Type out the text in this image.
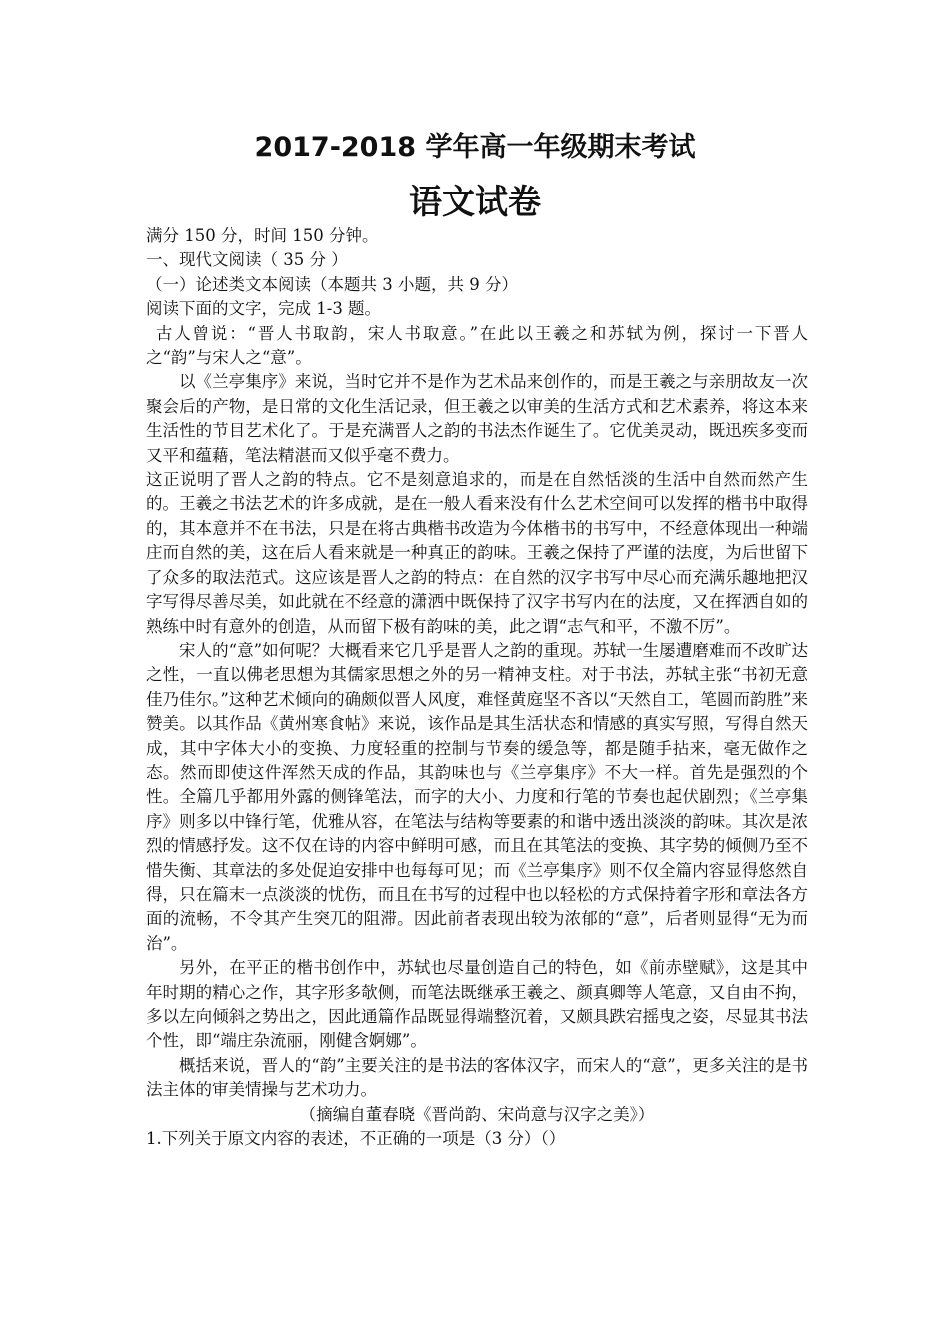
2017-2018 学年高一年级期末考试
语文试卷

满分 150 分，时间 150 分钟。

一、现代文阅读（ 35 分 ）

（一）论述类文本阅读（本题共 3 小题，共 9 分）

阅读下面的文字，完成 1-3 题。

古人曾说：“晋人书取韵，宋人书取意。”在此以王羲之和苏轼为例，探讨一下晋人之“韵”与宋人之“意”。

以《兰亭集序》来说，当时它并不是作为艺术品来创作的，而是王羲之与亲朋故友一次聚会后的产物，是日常的文化生活记录，但王羲之以审美的生活方式和艺术素养，将这本来生活性的节目艺术化了。于是充满晋人之韵的书法杰作诞生了。它优美灵动，既迅疾多变而又平和蕴藉，笔法精湛而又似乎毫不费力。

这正说明了晋人之韵的特点。它不是刻意追求的，而是在自然恬淡的生活中自然而然产生的。王羲之书法艺术的许多成就，是在一般人看来没有什么艺术空间可以发挥的楷书中取得的，其本意并不在书法，只是在将古典楷书改造为今体楷书的书写中，不经意体现出一种端庄而自然的美，这在后人看来就是一种真正的韵味。王羲之保持了严谨的法度，为后世留下了众多的取法范式。这应该是晋人之韵的特点：在自然的汉字书写中尽心而充满乐趣地把汉字写得尽善尽美，如此就在不经意的潇洒中既保持了汉字书写内在的法度，又在挥洒自如的熟练中时有意外的创造，从而留下极有韵味的美，此之谓“志气和平，不激不厉”。

宋人的“意”如何呢？大概看来它几乎是晋人之韵的重现。苏轼一生屡遭磨难而不改旷达之性，一直以佛老思想为其儒家思想之外的另一精神支柱。对于书法，苏轼主张“书初无意佳乃佳尔。”这种艺术倾向的确颇似晋人风度，难怪黄庭坚不吝以“天然自工，笔圆而韵胜”来赞美。以其作品《黄州寒食帖》来说，该作品是其生活状态和情感的真实写照，写得自然天成，其中字体大小的变换、力度轻重的控制与节奏的缓急等，都是随手拈来，毫无做作之态。然而即使这件浑然天成的作品，其韵味也与《兰亭集序》不大一样。首先是强烈的个性。全篇几乎都用外露的侧锋笔法，而字的大小、力度和行笔的节奏也起伏剧烈；《兰亭集序》则多以中锋行笔，优雅从容，在笔法与结构等要素的和谐中透出淡淡的韵味。其次是浓烈的情感抒发。这不仅在诗的内容中鲜明可感，而且在其笔法的变换、其字势的倾侧乃至不惜失衡、其章法的多处促迫安排中也每每可见；而《兰亭集序》则不仅全篇内容显得悠然自得，只在篇末一点淡淡的忧伤，而且在书写的过程中也以轻松的方式保持着字形和章法各方面的流畅，不令其产生突兀的阻滞。因此前者表现出较为浓郁的“意”，后者则显得“无为而治”。

另外，在平正的楷书创作中，苏轼也尽量创造自己的特色，如《前赤壁赋》，这是其中年时期的精心之作，其字形多欹侧，而笔法既继承王羲之、颜真卿等人笔意，又自由不拘，多以左向倾斜之势出之，因此通篇作品既显得端整沉着，又颇具跌宕摇曳之姿，尽显其书法个性，即“端庄杂流丽，刚健含婀娜”。

概括来说，晋人的“韵”主要关注的是书法的客体汉字，而宋人的“意”，更多关注的是书法主体的审美情操与艺术功力。

（摘编自董春晓《晋尚韵、宋尚意与汉字之美》）

1.下列关于原文内容的表述，不正确的一项是（3 分）（）
